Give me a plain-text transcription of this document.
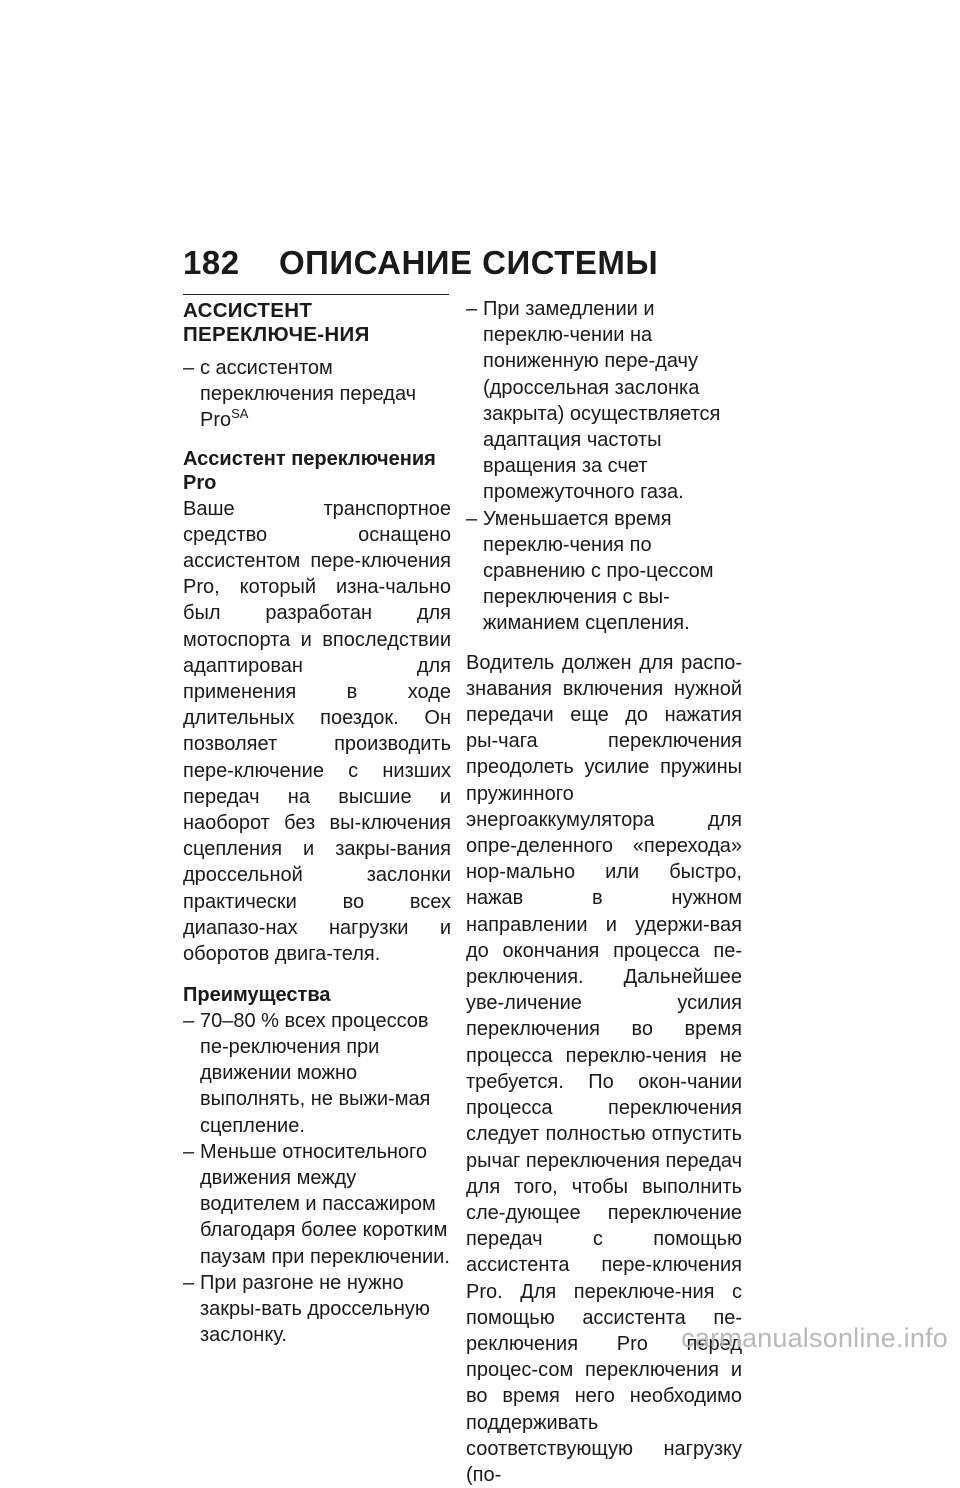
182 ОПИСАНИЕ СИСТЕМЫ

АССИСТЕНТ ПЕРЕКЛЮЧЕ-НИЯ

– с ассистентом переключения передач Pro$^{SA}$

Ассистент переключения Pro

Ваше транспортное средство оснащено ассистентом пере-ключения Pro, который изна-чально был разработан для мотоспорта и впоследствии адаптирован для применения в ходе длительных поездок. Он позволяет производить пере-ключение с низших передач на высшие и наоборот без вы-ключения сцепления и закры-вания дроссельной заслонки практически во всех диапазо-нах нагрузки и оборотов двига-теля.

Преимущества

– 70–80 % всех процессов пе-реключения при движении можно выполнять, не выжи-мая сцепление.

– Меньше относительного движения между водителем и пассажиром благодаря более коротким паузам при переключении.

– При разгоне не нужно закры-вать дроссельную заслонку.

– При замедлении и переклю-чении на пониженную пере-дачу (дроссельная заслонка закрыта) осуществляется адаптация частоты вращения за счет промежуточного газа.

– Уменьшается время переклю-чения по сравнению с про-цессом переключения с вы-жиманием сцепления.

Водитель должен для распо-знавания включения нужной передачи еще до нажатия ры-чага переключения преодолеть усилие пружины пружинного энергоаккумулятора для опре-деленного «перехода» нор-мально или быстро, нажав в нужном направлении и удержи-вая до окончания процесса пе-реключения. Дальнейшее уве-личение усилия переключения во время процесса переклю-чения не требуется. По окон-чании процесса переключения следует полностью отпустить рычаг переключения передач для того, чтобы выполнить сле-дующее переключение передач с помощью ассистента пере-ключения Pro. Для переключе-ния с помощью ассистента пе-реключения Pro перед процес-сом переключения и во время него необходимо поддерживать соответствующую нагрузку (по-

carmanualsonline.info
